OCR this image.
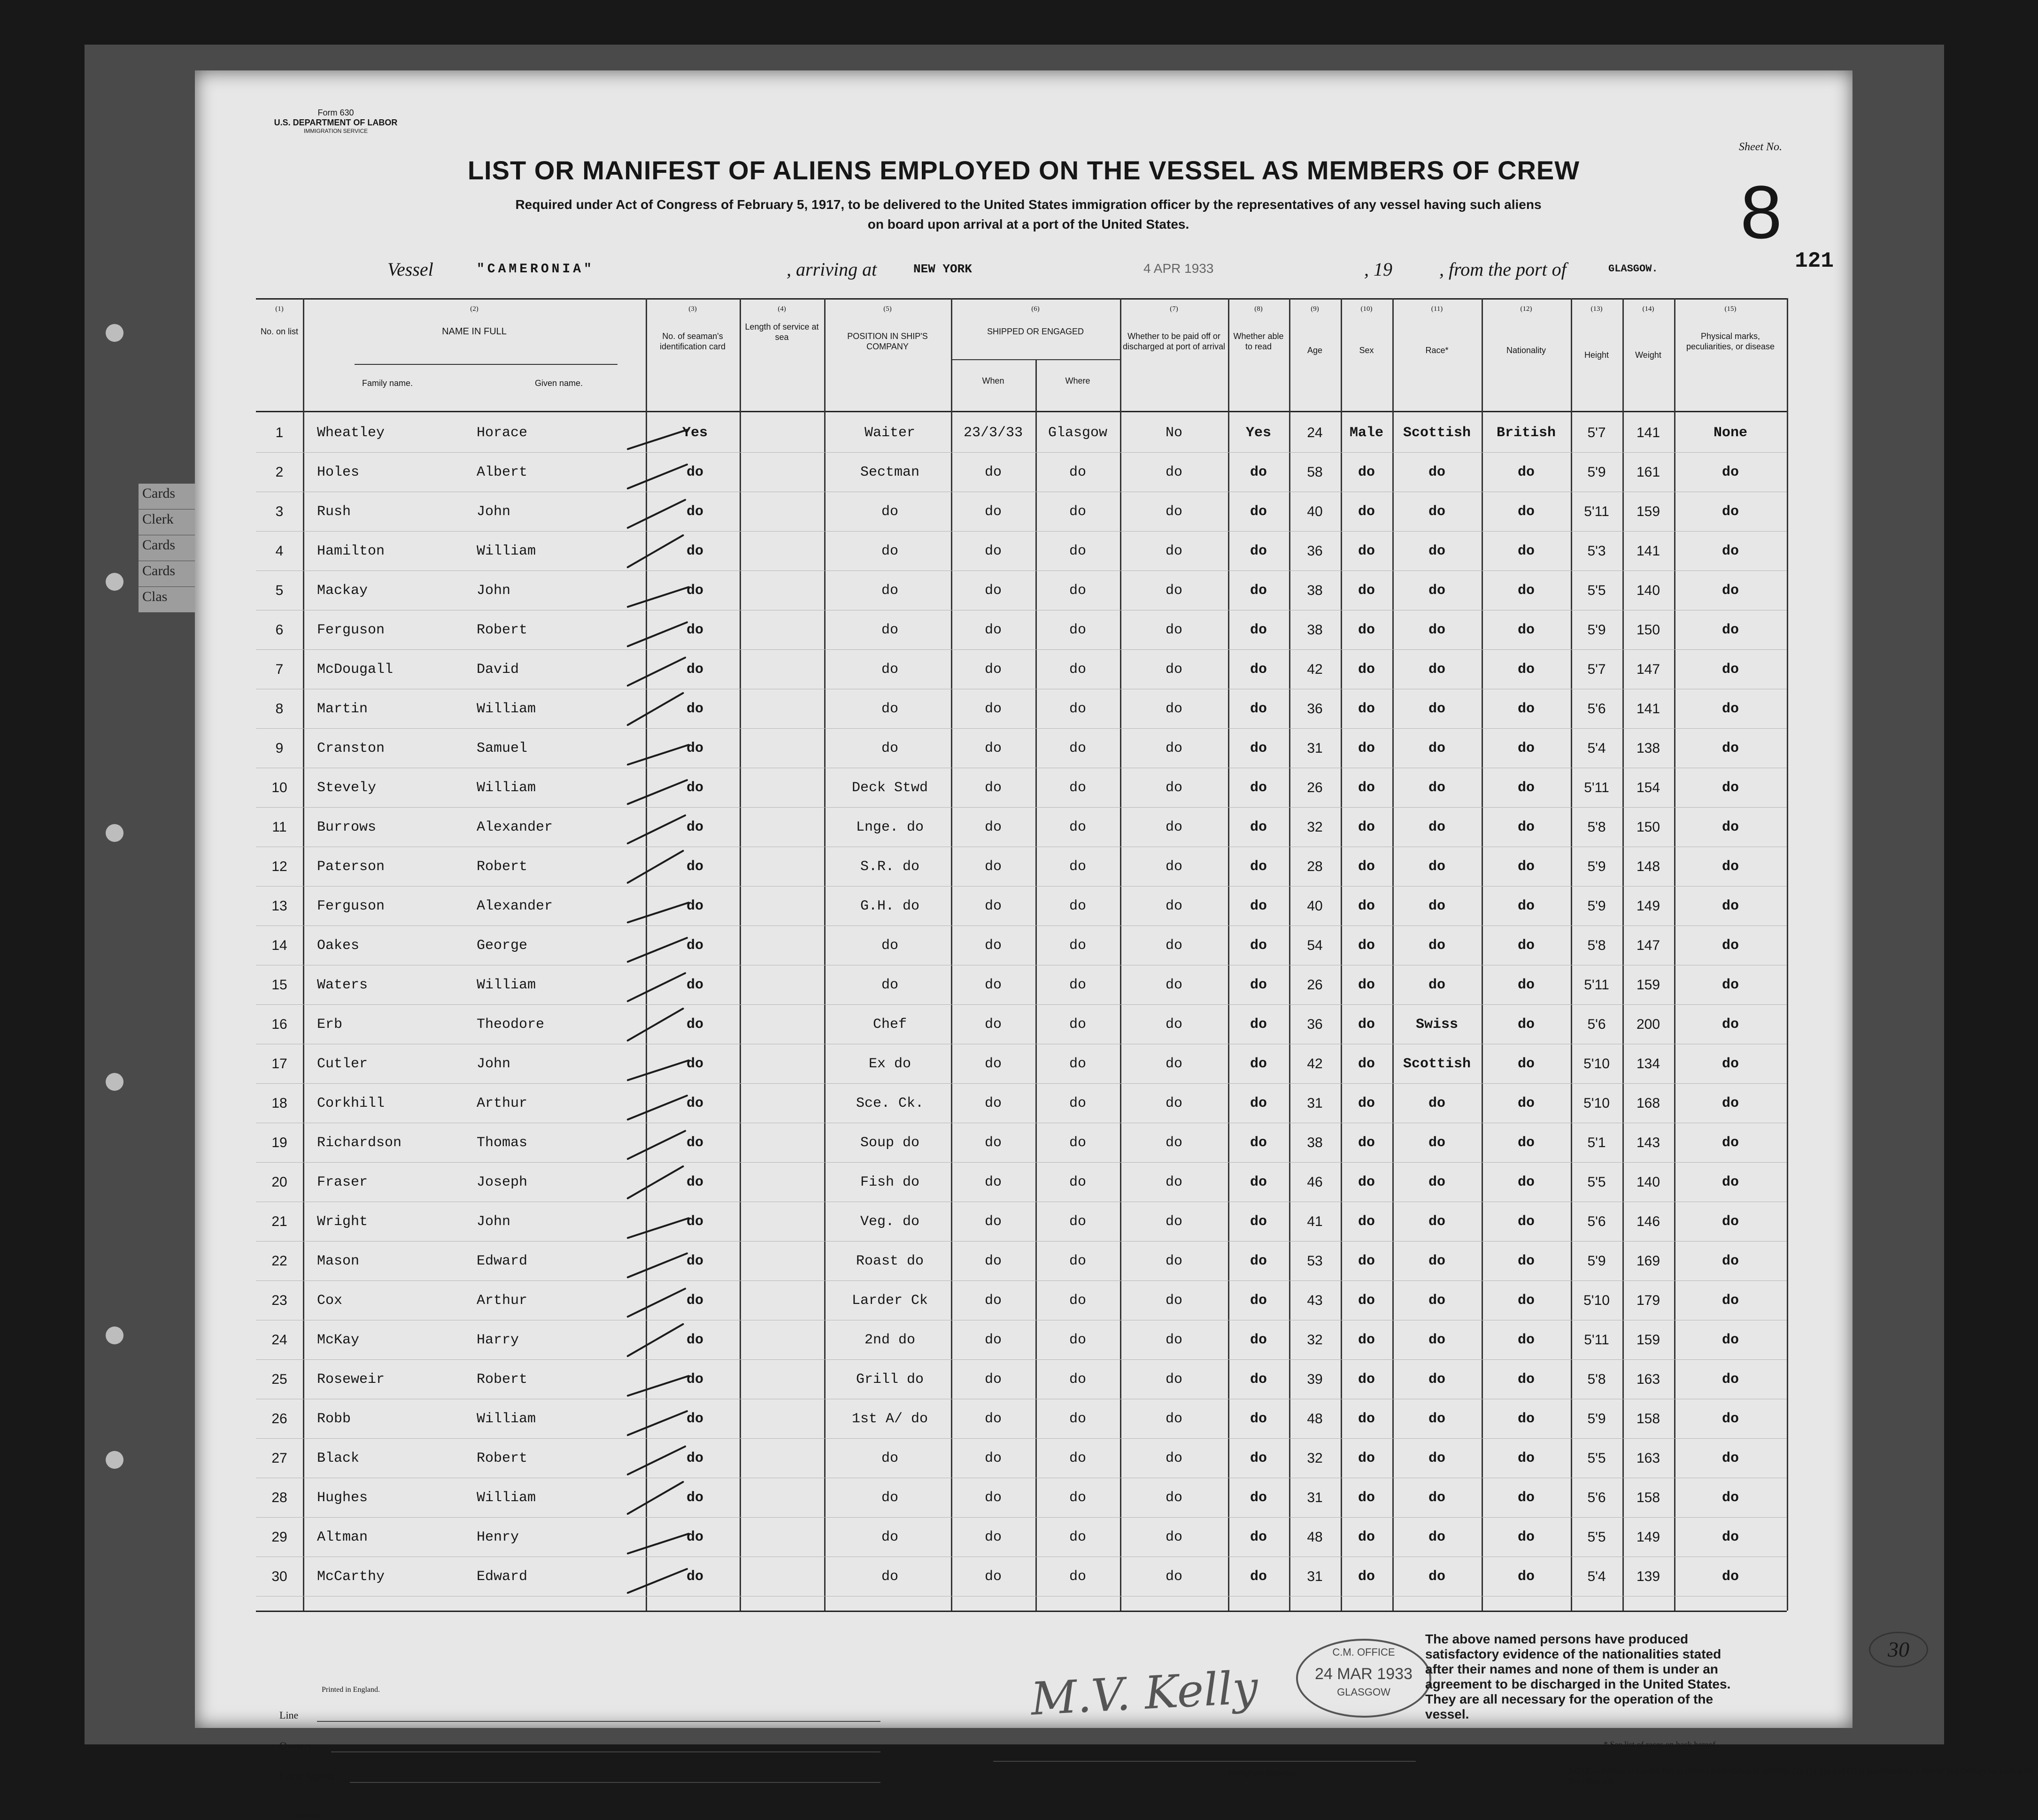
Cards
Clerk
Cards
Cards
Clas
Form 630
U.S. DEPARTMENT OF LABOR
IMMIGRATION SERVICE
Sheet No.
8
121
LIST OR MANIFEST OF ALIENS EMPLOYED ON THE VESSEL AS MEMBERS OF CREW
Required under Act of Congress of February 5, 1917, to be delivered to the United States immigration officer by the representatives of any vessel having such aliens
on board upon arrival at a port of the United States.
Vessel	"CAMERONIA"	, arriving at	NEW YORK	4 APR 1933	, 19	, from the port of	GLASGOW.
(1)	(2)	(3)	(4)	(5)	(6)	(7)	(8)	(9)	(10)	(11)	(12)	(13)	(14)	(15)
No. on list	NAME IN FULL
Family name.	Given name.
No. of seaman's identification card
Length of service at sea	POSITION IN SHIP'S COMPANY
SHIPPED OR ENGAGED
When	Where
Whether to be paid off or discharged at port of arrival
Whether able to read	Age	Sex	Race*	Nationality	Height	Weight
Physical marks, peculiarities, or disease
1	Wheatley	Horace	Yes	Waiter	23/3/33	Glasgow	No	Yes	24	Male	Scottish	British	5'7	141	None
2	Holes	Albert	do	Sectman	do	do	do	do	58	do	do	do	5'9	161	do
3	Rush	John	do	do	do	do	do	do	40	do	do	do	5'11	159	do
4	Hamilton	William	do	do	do	do	do	do	36	do	do	do	5'3	141	do
5	Mackay	John	do	do	do	do	do	do	38	do	do	do	5'5	140	do
6	Ferguson	Robert	do	do	do	do	do	do	38	do	do	do	5'9	150	do
7	McDougall	David	do	do	do	do	do	do	42	do	do	do	5'7	147	do
8	Martin	William	do	do	do	do	do	do	36	do	do	do	5'6	141	do
9	Cranston	Samuel	do	do	do	do	do	do	31	do	do	do	5'4	138	do
10	Stevely	William	do	Deck Stwd	do	do	do	do	26	do	do	do	5'11	154	do
11	Burrows	Alexander	do	Lnge. do	do	do	do	do	32	do	do	do	5'8	150	do
12	Paterson	Robert	do	S.R. do	do	do	do	do	28	do	do	do	5'9	148	do
13	Ferguson	Alexander	do	G.H. do	do	do	do	do	40	do	do	do	5'9	149	do
14	Oakes	George	do	do	do	do	do	do	54	do	do	do	5'8	147	do
15	Waters	William	do	do	do	do	do	do	26	do	do	do	5'11	159	do
16	Erb	Theodore	do	Chef	do	do	do	do	36	do	Swiss	do	5'6	200	do
17	Cutler	John	do	Ex do	do	do	do	do	42	do	Scottish	do	5'10	134	do
18	Corkhill	Arthur	do	Sce. Ck.	do	do	do	do	31	do	do	do	5'10	168	do
19	Richardson	Thomas	do	Soup do	do	do	do	do	38	do	do	do	5'1	143	do
20	Fraser	Joseph	do	Fish do	do	do	do	do	46	do	do	do	5'5	140	do
21	Wright	John	do	Veg. do	do	do	do	do	41	do	do	do	5'6	146	do
22	Mason	Edward	do	Roast do	do	do	do	do	53	do	do	do	5'9	169	do
23	Cox	Arthur	do	Larder Ck	do	do	do	do	43	do	do	do	5'10	179	do
24	McKay	Harry	do	2nd do	do	do	do	do	32	do	do	do	5'11	159	do
25	Roseweir	Robert	do	Grill do	do	do	do	do	39	do	do	do	5'8	163	do
26	Robb	William	do	1st A/ do	do	do	do	do	48	do	do	do	5'9	158	do
27	Black	Robert	do	do	do	do	do	do	32	do	do	do	5'5	163	do
28	Hughes	William	do	do	do	do	do	do	31	do	do	do	5'6	158	do
29	Altman	Henry	do	do	do	do	do	do	48	do	do	do	5'5	149	do
30	McCarthy	Edward	do	do	do	do	do	do	31	do	do	do	5'4	139	do
C.M. OFFICE
24 MAR 1933
GLASGOW
The above named persons have produced satisfactory evidence of the nationalities stated after their names and none of them is under an agreement to be discharged in the United States. They are all necessary for the operation of the vessel.
30
Printed in England.
Line
Owners
Local Agents
14—1260
M.V. Kelly
Immigrant Inspector.
* See list of races on back hereof.
NOTE.—Failure to furnish full or correct information in columns (2), (5), (6) and (7) is punishable by a fine of Ten Dollars for each alien. See other side.
